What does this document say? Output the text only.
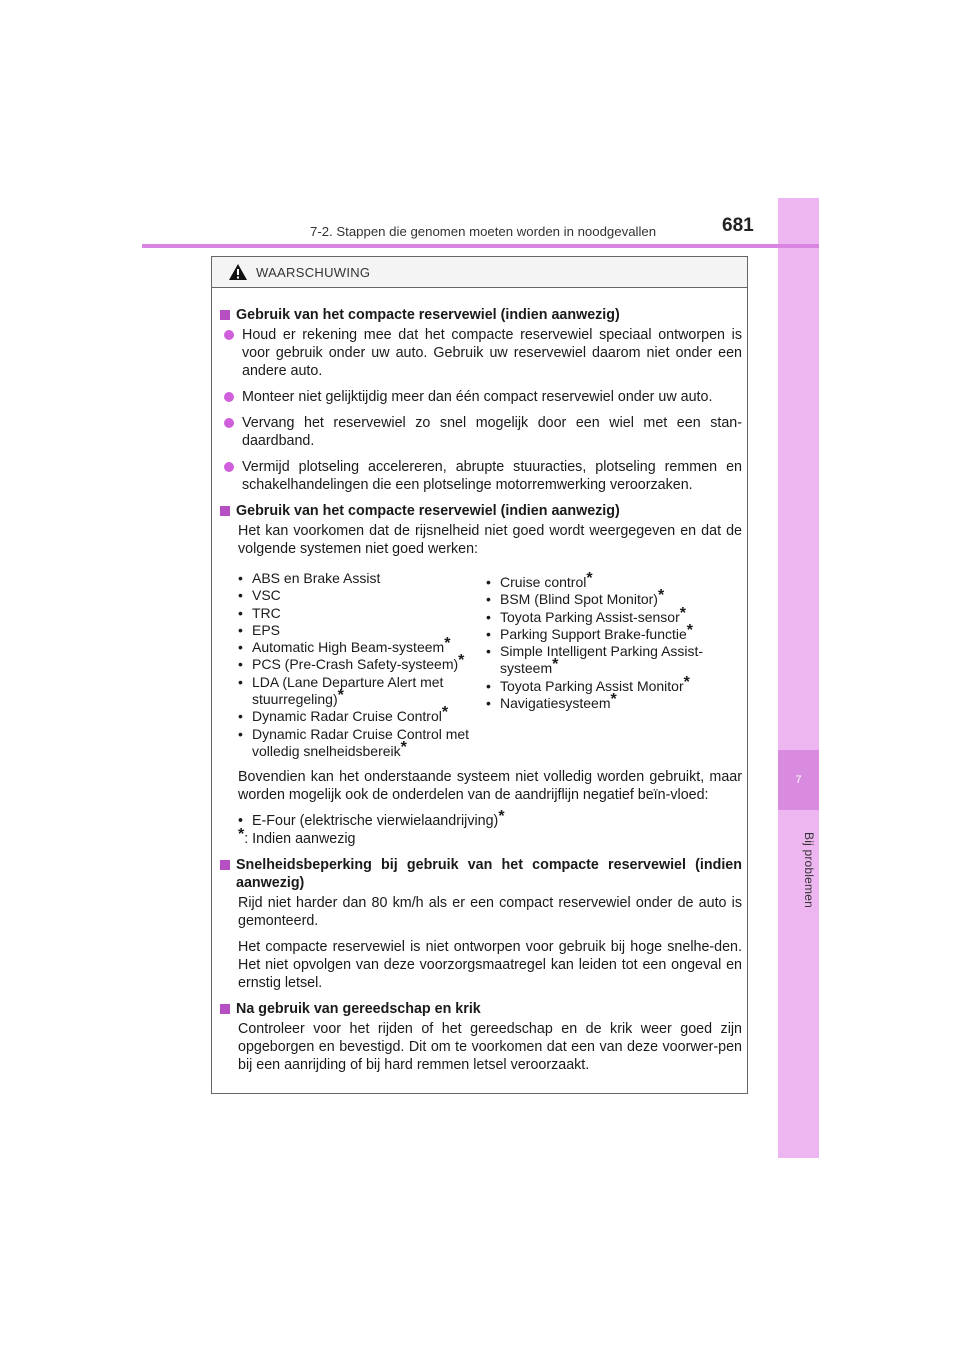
7
Bij problemen
7-2. Stappen die genomen moeten worden in noodgevallen	681
WAARSCHUWING
Gebruik van het compacte reservewiel (indien aanwezig)
Houd er rekening mee dat het compacte reservewiel speciaal ontworpen is voor gebruik onder uw auto. Gebruik uw reservewiel daarom niet onder een andere auto.
Monteer niet gelijktijdig meer dan één compact reservewiel onder uw auto.
Vervang het reservewiel zo snel mogelijk door een wiel met een stan-daardband.
Vermijd plotseling accelereren, abrupte stuuracties, plotseling remmen en schakelhandelingen die een plotselinge motorremwerking veroorzaken.
Gebruik van het compacte reservewiel (indien aanwezig)
Het kan voorkomen dat de rijsnelheid niet goed wordt weergegeven en dat de volgende systemen niet goed werken:
• ABS en Brake Assist
• VSC
• TRC
• EPS
• Automatic High Beam-systeem*
• PCS (Pre-Crash Safety-systeem)*
• LDA (Lane Departure Alert met stuurregeling)*
• Dynamic Radar Cruise Control*
• Dynamic Radar Cruise Control met volledig snelheidsbereik*
• Cruise control*
• BSM (Blind Spot Monitor)*
• Toyota Parking Assist-sensor*
• Parking Support Brake-functie*
• Simple Intelligent Parking Assist-systeem*
• Toyota Parking Assist Monitor*
• Navigatiesysteem*
Bovendien kan het onderstaande systeem niet volledig worden gebruikt, maar worden mogelijk ook de onderdelen van de aandrijflijn negatief beïn-vloed:
• E-Four (elektrische vierwielaandrijving)*
*: Indien aanwezig
Snelheidsbeperking bij gebruik van het compacte reservewiel (indien aanwezig)
Rijd niet harder dan 80 km/h als er een compact reservewiel onder de auto is gemonteerd.
Het compacte reservewiel is niet ontworpen voor gebruik bij hoge snelhe-den. Het niet opvolgen van deze voorzorgsmaatregel kan leiden tot een ongeval en ernstig letsel.
Na gebruik van gereedschap en krik
Controleer voor het rijden of het gereedschap en de krik weer goed zijn opgeborgen en bevestigd. Dit om te voorkomen dat een van deze voorwer-pen bij een aanrijding of bij hard remmen letsel veroorzaakt.
